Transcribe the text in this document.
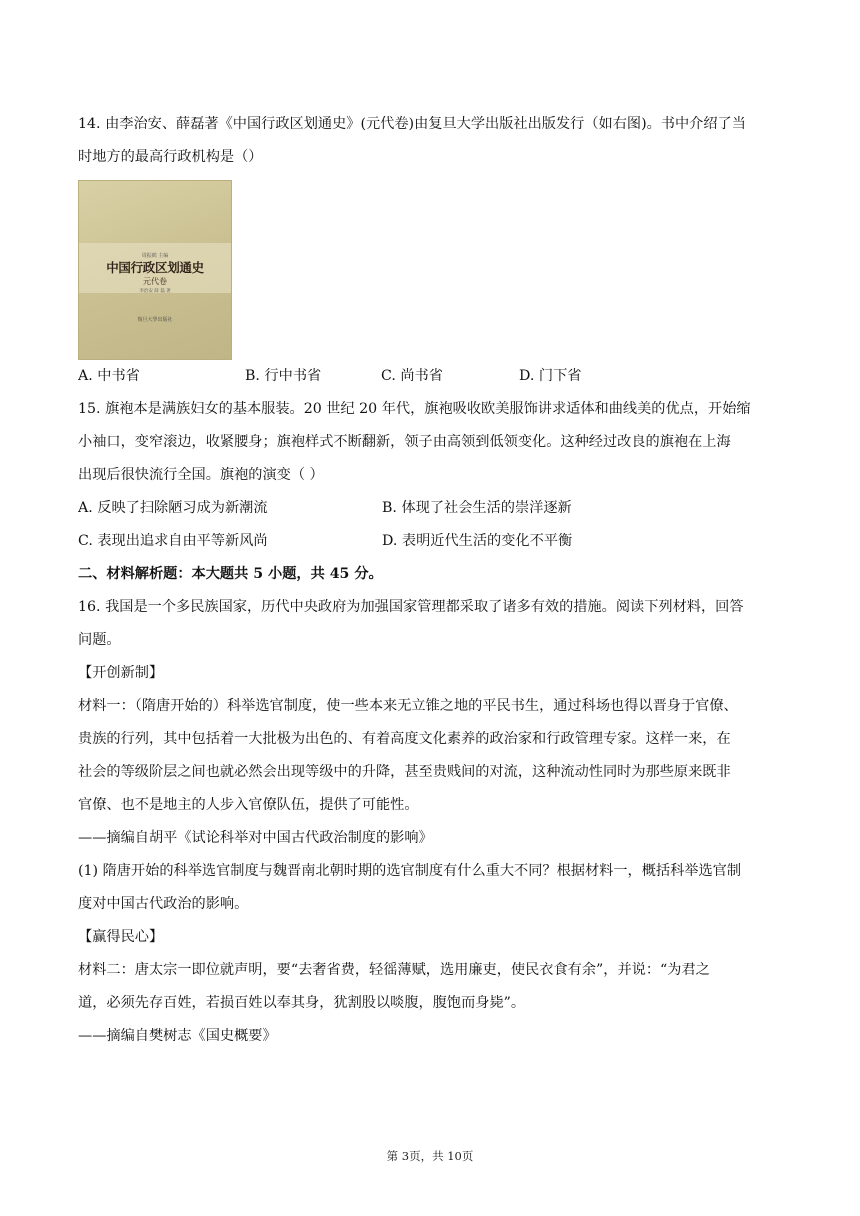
14. 由李治安、薛磊著《中国行政区划通史》(元代卷)由复旦大学出版社出版发行（如右图)。书中介绍了当
时地方的最高行政机构是（）
周振鹤 主编
中国行政区划通史
元代卷
李治安 薛 磊 著
復旦大學出版社
A. 中书省	B. 行中书省	C. 尚书省	D. 门下省
15. 旗袍本是满族妇女的基本服装。20 世纪 20 年代，旗袍吸收欧美服饰讲求适体和曲线美的优点，开始缩
小袖口，变窄滚边，收紧腰身；旗袍样式不断翻新，领子由高领到低领变化。这种经过改良的旗袍在上海
出现后很快流行全国。旗袍的演变（ ）
A. 反映了扫除陋习成为新潮流	B. 体现了社会生活的崇洋逐新
C. 表现出追求自由平等新风尚	D. 表明近代生活的变化不平衡
二、材料解析题：本大题共 5 小题，共 45 分。
16. 我国是一个多民族国家，历代中央政府为加强国家管理都采取了诸多有效的措施。阅读下列材料，回答
问题。
【开创新制】
材料一：（隋唐开始的）科举选官制度，使一些本来无立锥之地的平民书生，通过科场也得以晋身于官僚、
贵族的行列，其中包括着一大批极为出色的、有着高度文化素养的政治家和行政管理专家。这样一来，在
社会的等级阶层之间也就必然会出现等级中的升降，甚至贵贱间的对流，这种流动性同时为那些原来既非
官僚、也不是地主的人步入官僚队伍，提供了可能性。
——摘编自胡平《试论科举对中国古代政治制度的影响》
(1) 隋唐开始的科举选官制度与魏晋南北朝时期的选官制度有什么重大不同？根据材料一，概括科举选官制
度对中国古代政治的影响。
【赢得民心】
材料二：唐太宗一即位就声明，要“去奢省费，轻徭薄赋，选用廉吏，使民衣食有余”，并说：“为君之
道，必须先存百姓，若损百姓以奉其身，犹割股以啖腹，腹饱而身毙”。
——摘编自樊树志《国史概要》
第 3页，共 10页
